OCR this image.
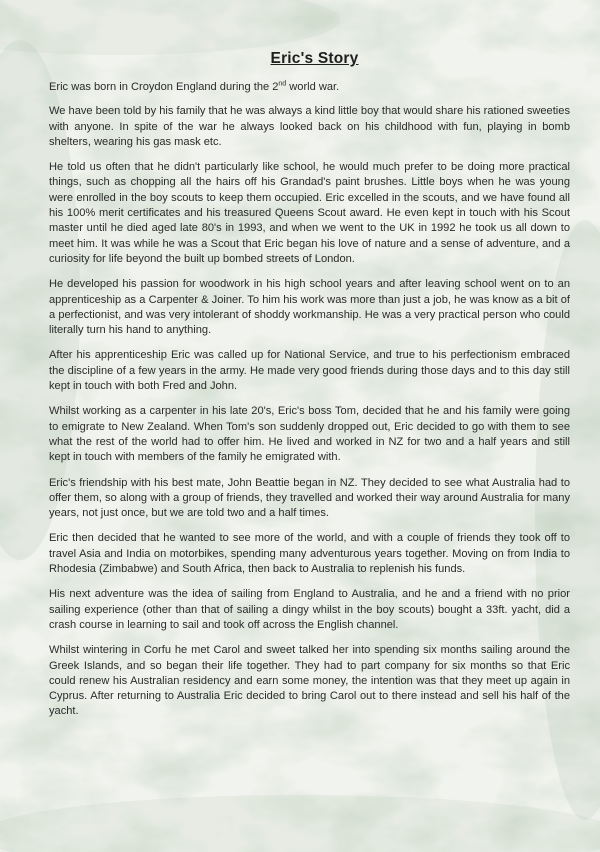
Eric's Story

Eric was born in Croydon England during the 2nd world war.

We have been told by his family that he was always a kind little boy that would share his rationed sweeties with anyone. In spite of the war he always looked back on his childhood with fun, playing in bomb shelters, wearing his gas mask etc.

He told us often that he didn't particularly like school, he would much prefer to be doing more practical things, such as chopping all the hairs off his Grandad's paint brushes. Little boys when he was young were enrolled in the boy scouts to keep them occupied. Eric excelled in the scouts, and we have found all his 100% merit certificates and his treasured Queens Scout award. He even kept in touch with his Scout master until he died aged late 80's in 1993, and when we went to the UK in 1992 he took us all down to meet him. It was while he was a Scout that Eric began his love of nature and a sense of adventure, and a curiosity for life beyond the built up bombed streets of London.

He developed his passion for woodwork in his high school years and after leaving school went on to an apprenticeship as a Carpenter & Joiner. To him his work was more than just a job, he was know as a bit of a perfectionist, and was very intolerant of shoddy workmanship. He was a very practical person who could literally turn his hand to anything.

After his apprenticeship Eric was called up for National Service, and true to his perfectionism embraced the discipline of a few years in the army. He made very good friends during those days and to this day still kept in touch with both Fred and John.

Whilst working as a carpenter in his late 20's, Eric's boss Tom, decided that he and his family were going to emigrate to New Zealand. When Tom's son suddenly dropped out, Eric decided to go with them to see what the rest of the world had to offer him. He lived and worked in NZ for two and a half years and still kept in touch with members of the family he emigrated with.

Eric's friendship with his best mate, John Beattie began in NZ. They decided to see what Australia had to offer them, so along with a group of friends, they travelled and worked their way around Australia for many years, not just once, but we are told two and a half times.

Eric then decided that he wanted to see more of the world, and with a couple of friends they took off to travel Asia and India on motorbikes, spending many adventurous years together. Moving on from India to Rhodesia (Zimbabwe) and South Africa, then back to Australia to replenish his funds.

His next adventure was the idea of sailing from England to Australia, and he and a friend with no prior sailing experience (other than that of sailing a dingy whilst in the boy scouts) bought a 33ft. yacht, did a crash course in learning to sail and took off across the English channel.

Whilst wintering in Corfu he met Carol and sweet talked her into spending six months sailing around the Greek Islands, and so began their life together. They had to part company for six months so that Eric could renew his Australian residency and earn some money, the intention was that they meet up again in Cyprus. After returning to Australia Eric decided to bring Carol out to there instead and sell his half of the yacht.
